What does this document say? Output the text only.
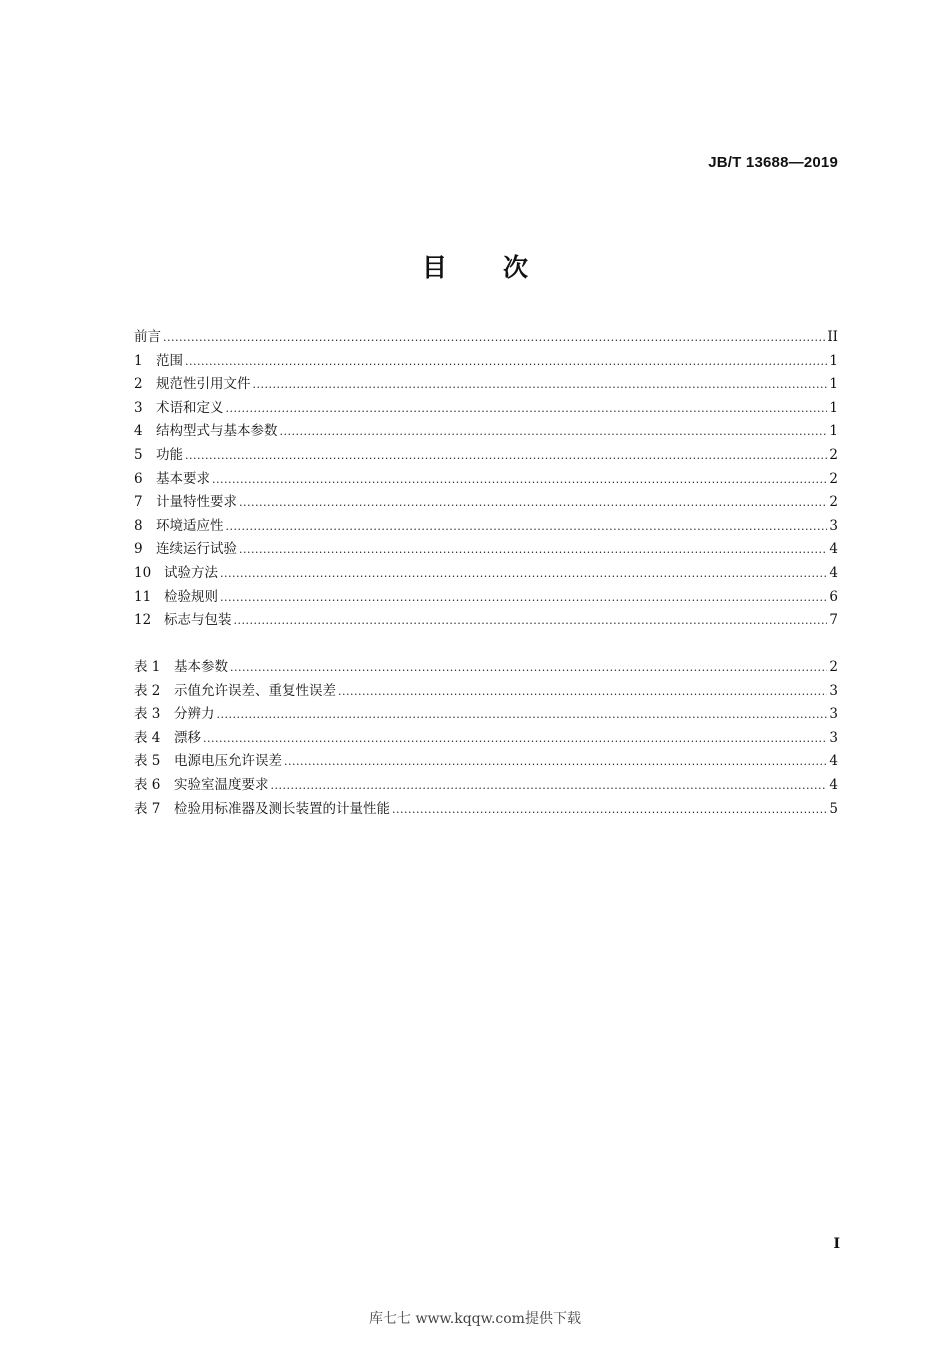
JB/T 13688—2019
目 次
前言 .....	II
1 范围 .....	1
2 规范性引用文件 .....	1
3 术语和定义 .....	1
4 结构型式与基本参数 .....	1
5 功能 .....	2
6 基本要求 .....	2
7 计量特性要求 .....	2
8 环境适应性 .....	3
9 连续运行试验 .....	4
10 试验方法 .....	4
11 检验规则 .....	6
12 标志与包装 .....	7
表 1	基本参数 .....	2
表 2	示值允许误差、重复性误差 .....	3
表 3	分辨力 .....	3
表 4	漂移 .....	3
表 5	电源电压允许误差 .....	4
表 6	实验室温度要求 .....	4
表 7	检验用标准器及测长装置的计量性能 .....	5
I
库七七 www.kqqw.com提供下载
